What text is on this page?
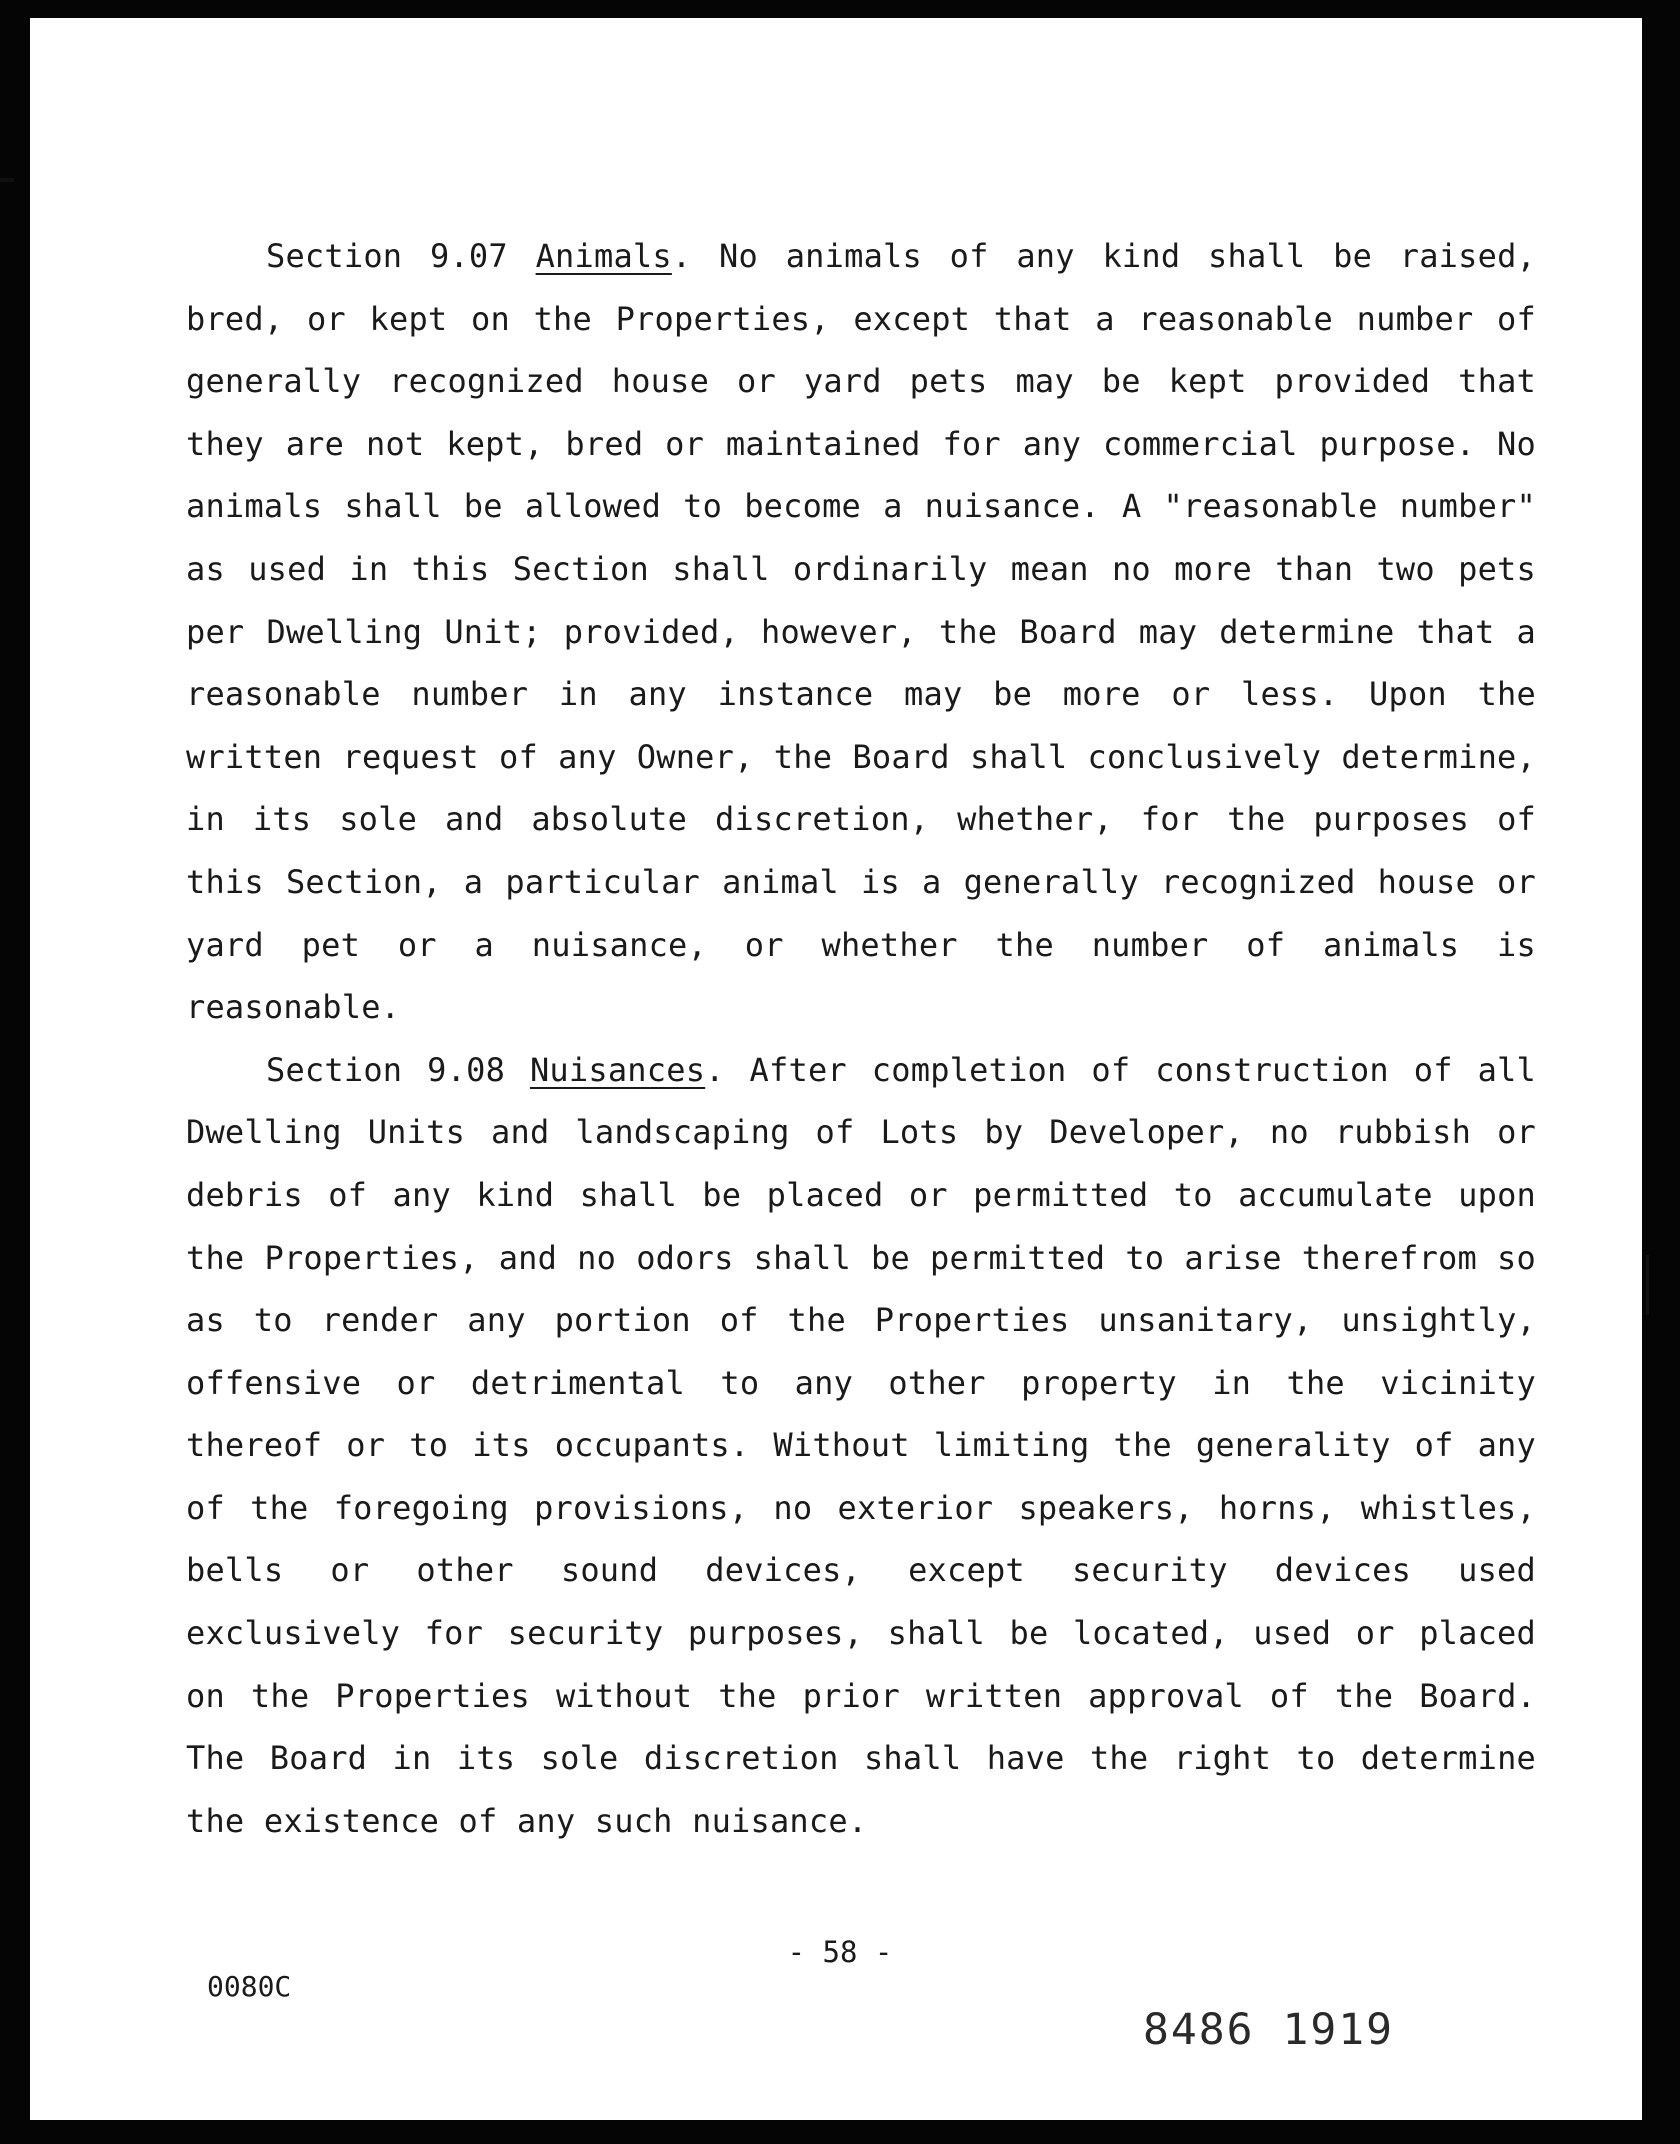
Section 9.07 Animals. No animals of any kind shall be raised, bred, or kept on the Properties, except that a reasonable number of generally recognized house or yard pets may be kept provided that they are not kept, bred or maintained for any commercial purpose. No animals shall be allowed to become a nuisance. A "reasonable number" as used in this Section shall ordinarily mean no more than two pets per Dwelling Unit; provided, however, the Board may determine that a reasonable number in any instance may be more or less. Upon the written request of any Owner, the Board shall conclusively determine, in its sole and absolute discretion, whether, for the purposes of this Section, a particular animal is a generally recognized house or yard pet or a nuisance, or whether the number of animals is reasonable.

Section 9.08 Nuisances. After completion of construction of all Dwelling Units and landscaping of Lots by Developer, no rubbish or debris of any kind shall be placed or permitted to accumulate upon the Properties, and no odors shall be permitted to arise therefrom so as to render any portion of the Properties unsanitary, unsightly, offensive or detrimental to any other property in the vicinity thereof or to its occupants. Without limiting the generality of any of the foregoing provisions, no exterior speakers, horns, whistles, bells or other sound devices, except security devices used exclusively for security purposes, shall be located, used or placed on the Properties without the prior written approval of the Board. The Board in its sole discretion shall have the right to determine the existence of any such nuisance.

- 58 -
0080C
8486 1919
